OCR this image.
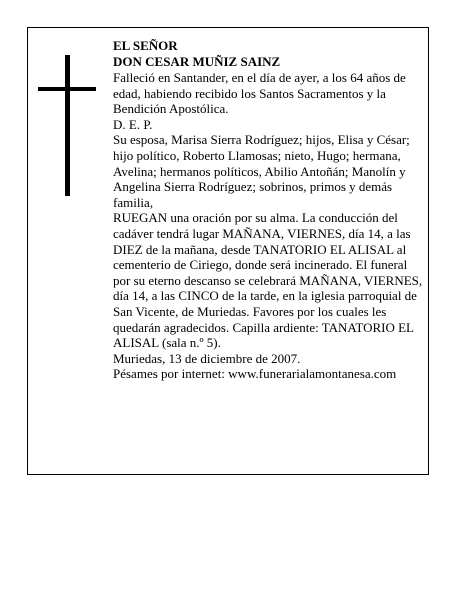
EL SEÑOR
DON CESAR MUÑIZ SAINZ

Falleció en Santander, en el día de ayer, a los 64 años de edad, habiendo recibido los Santos Sacramentos y la Bendición Apostólica.

D. E. P.

Su esposa, Marisa Sierra Rodríguez; hijos, Elisa y César; hijo político, Roberto Llamosas; nieto, Hugo; hermana, Avelina; hermanos políticos, Abilio Antoñán; Manolín y Angelina Sierra Rodríguez; sobrinos, primos y demás familia,

RUEGAN una oración por su alma. La conducción del cadáver tendrá lugar MAÑANA, VIERNES, día 14, a las DIEZ de la mañana, desde TANATORIO EL ALISAL al cementerio de Ciriego, donde será incinerado. El funeral por su eterno descanso se celebrará MAÑANA, VIERNES, día 14, a las CINCO de la tarde, en la iglesia parroquial de San Vicente, de Muriedas. Favores por los cuales les quedarán agradecidos. Capilla ardiente: TANATORIO EL ALISAL (sala n.º 5).

Muriedas, 13 de diciembre de 2007.

Pésames por internet: www.funerarialamontanesa.com
